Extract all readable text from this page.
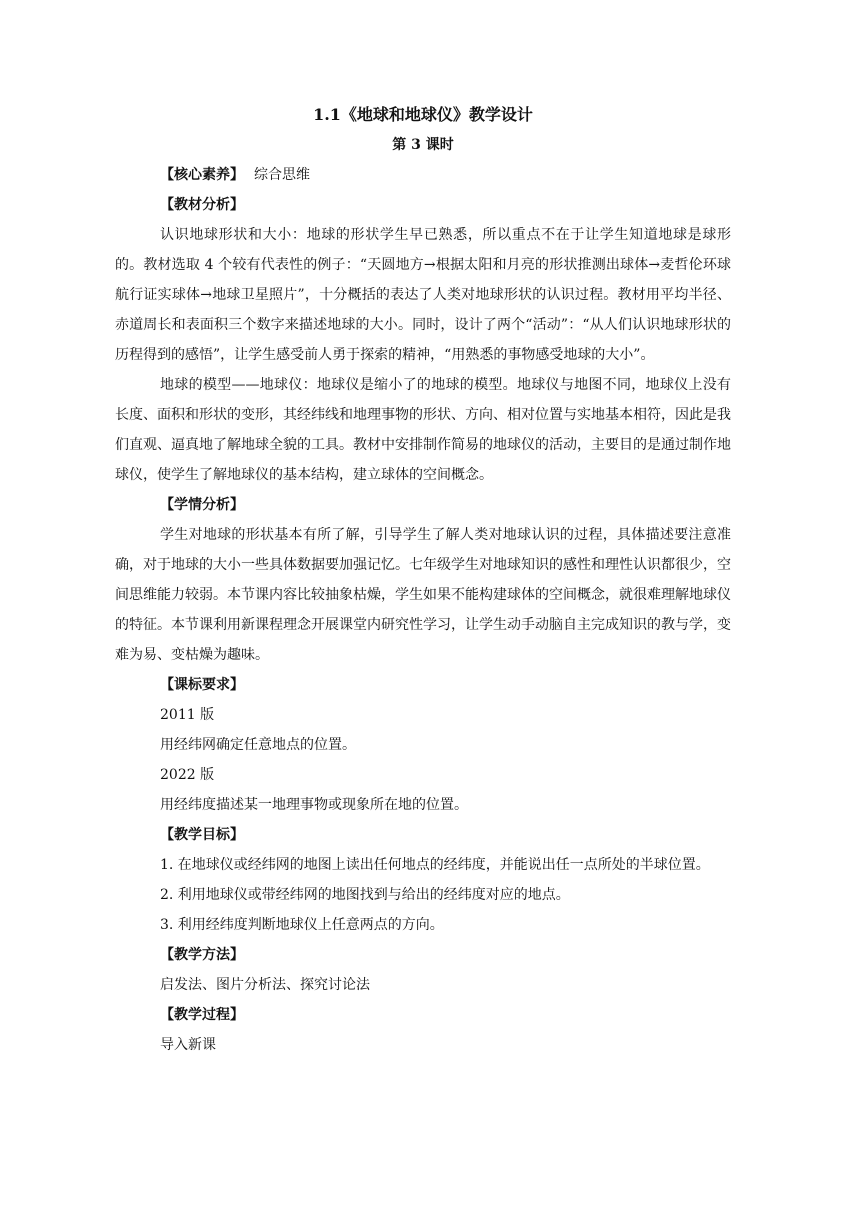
1.1《地球和地球仪》教学设计

第 3 课时

【核心素养】 综合思维

【教材分析】

认识地球形状和大小：地球的形状学生早已熟悉，所以重点不在于让学生知道地球是球形的。教材选取 4 个较有代表性的例子：“天圆地方→根据太阳和月亮的形状推测出球体→麦哲伦环球航行证实球体→地球卫星照片”，十分概括的表达了人类对地球形状的认识过程。教材用平均半径、赤道周长和表面积三个数字来描述地球的大小。同时，设计了两个“活动”：“从人们认识地球形状的历程得到的感悟”，让学生感受前人勇于探索的精神，“用熟悉的事物感受地球的大小”。

地球的模型——地球仪：地球仪是缩小了的地球的模型。地球仪与地图不同，地球仪上没有长度、面积和形状的变形，其经纬线和地理事物的形状、方向、相对位置与实地基本相符，因此是我们直观、逼真地了解地球全貌的工具。教材中安排制作简易的地球仪的活动，主要目的是通过制作地球仪，使学生了解地球仪的基本结构，建立球体的空间概念。

【学情分析】

学生对地球的形状基本有所了解，引导学生了解人类对地球认识的过程，具体描述要注意准确，对于地球的大小一些具体数据要加强记忆。七年级学生对地球知识的感性和理性认识都很少，空间思维能力较弱。本节课内容比较抽象枯燥，学生如果不能构建球体的空间概念，就很难理解地球仪的特征。本节课利用新课程理念开展课堂内研究性学习，让学生动手动脑自主完成知识的教与学，变难为易、变枯燥为趣味。

【课标要求】

2011 版

用经纬网确定任意地点的位置。

2022 版

用经纬度描述某一地理事物或现象所在地的位置。

【教学目标】

1. 在地球仪或经纬网的地图上读出任何地点的经纬度，并能说出任一点所处的半球位置。

2. 利用地球仪或带经纬网的地图找到与给出的经纬度对应的地点。

3. 利用经纬度判断地球仪上任意两点的方向。

【教学方法】

启发法、图片分析法、探究讨论法

【教学过程】

导入新课
